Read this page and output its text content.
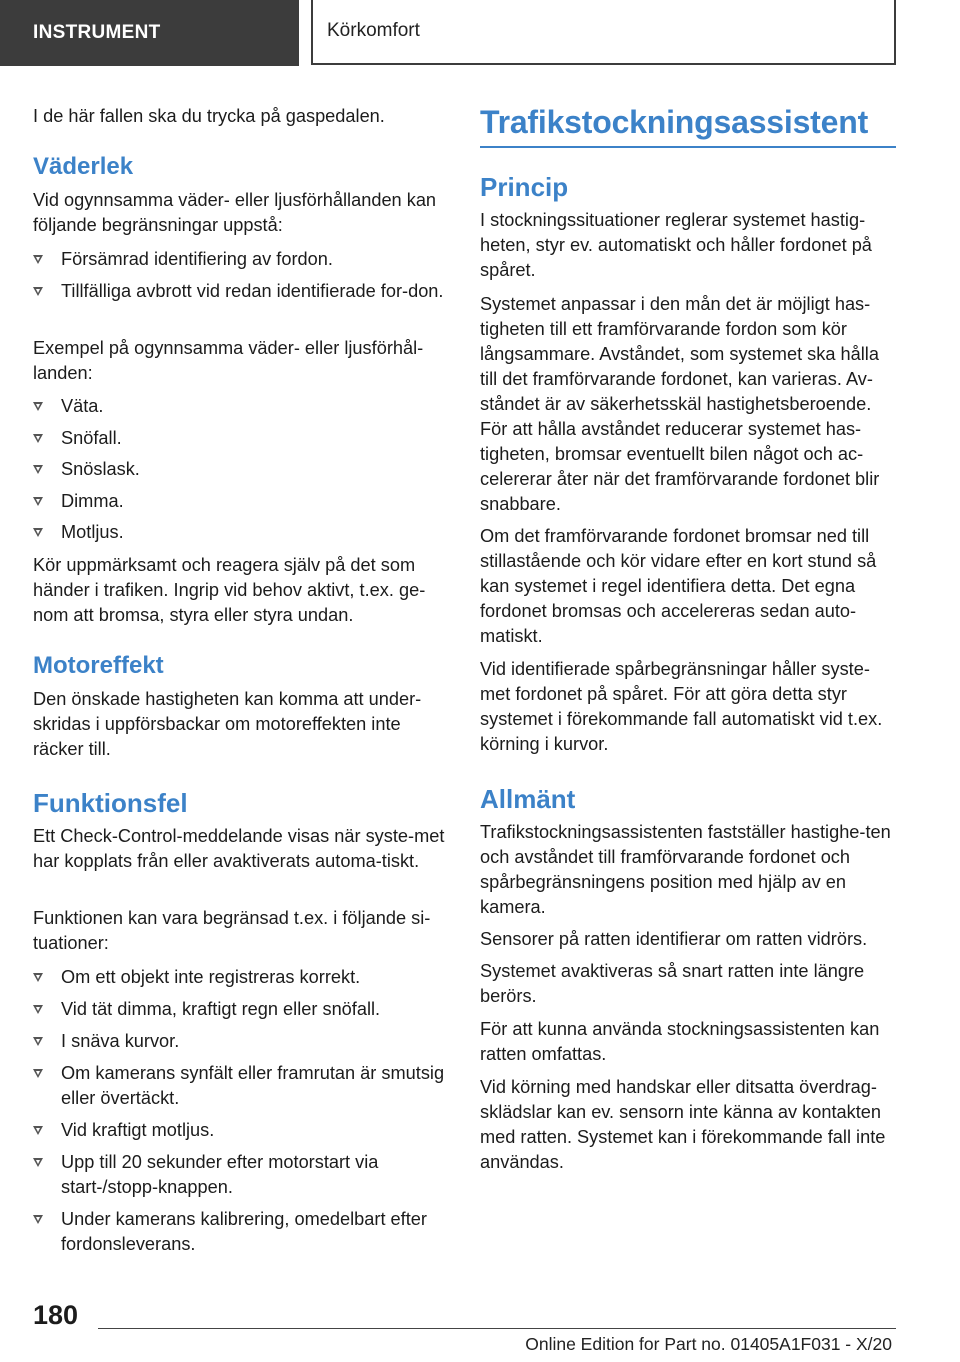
INSTRUMENT	Körkomfort

I de här fallen ska du trycka på gaspedalen.

Väderlek

Vid ogynnsamma väder- eller ljusförhållanden kan följande begränsningar uppstå:

Försämrad identifiering av fordon.
Tillfälliga avbrott vid redan identifierade for-don.

Exempel på ogynnsamma väder- eller ljusförhål-landen:

Väta.
Snöfall.
Snöslask.
Dimma.
Motljus.

Kör uppmärksamt och reagera själv på det som händer i trafiken. Ingrip vid behov aktivt, t.ex. ge-nom att bromsa, styra eller styra undan.

Motoreffekt

Den önskade hastigheten kan komma att under-skridas i uppförsbackar om motoreffekten inte räcker till.

Funktionsfel

Ett Check-Control-meddelande visas när syste-met har kopplats från eller avaktiverats automa-tiskt.

Funktionen kan vara begränsad t.ex. i följande si-tuationer:

Om ett objekt inte registreras korrekt.
Vid tät dimma, kraftigt regn eller snöfall.
I snäva kurvor.
Om kamerans synfält eller framrutan är smutsig eller övertäckt.
Vid kraftigt motljus.
Upp till 20 sekunder efter motorstart via start-/stopp-knappen.
Under kamerans kalibrering, omedelbart efter fordonsleverans.
Trafikstockningsassistent
Princip

I stockningssituationer reglerar systemet hastig-heten, styr ev. automatiskt och håller fordonet på spåret.

Systemet anpassar i den mån det är möjligt has-tigheten till ett framförvarande fordon som kör långsammare. Avståndet, som systemet ska hålla till det framförvarande fordonet, kan varieras. Av-ståndet är av säkerhetsskäl hastighetsberoende. För att hålla avståndet reducerar systemet has-tigheten, bromsar eventuellt bilen något och ac-celererar åter när det framförvarande fordonet blir snabbare.

Om det framförvarande fordonet bromsar ned till stillastående och kör vidare efter en kort stund så kan systemet i regel identifiera detta. Det egna fordonet bromsas och accelereras sedan auto-matiskt.

Vid identifierade spårbegränsningar håller syste-met fordonet på spåret. För att göra detta styr systemet i förekommande fall automatiskt vid t.ex. körning i kurvor.

Allmänt

Trafikstockningsassistenten fastställer hastighe-ten och avståndet till framförvarande fordonet och spårbegränsningens position med hjälp av en kamera.

Sensorer på ratten identifierar om ratten vidrörs.

Systemet avaktiveras så snart ratten inte längre berörs.

För att kunna använda stockningsassistenten kan ratten omfattas.

Vid körning med handskar eller ditsatta överdrag-sklädslar kan ev. sensorn inte känna av kontakten med ratten. Systemet kan i förekommande fall inte användas.

180
Online Edition for Part no. 01405A1F031 - X/20
